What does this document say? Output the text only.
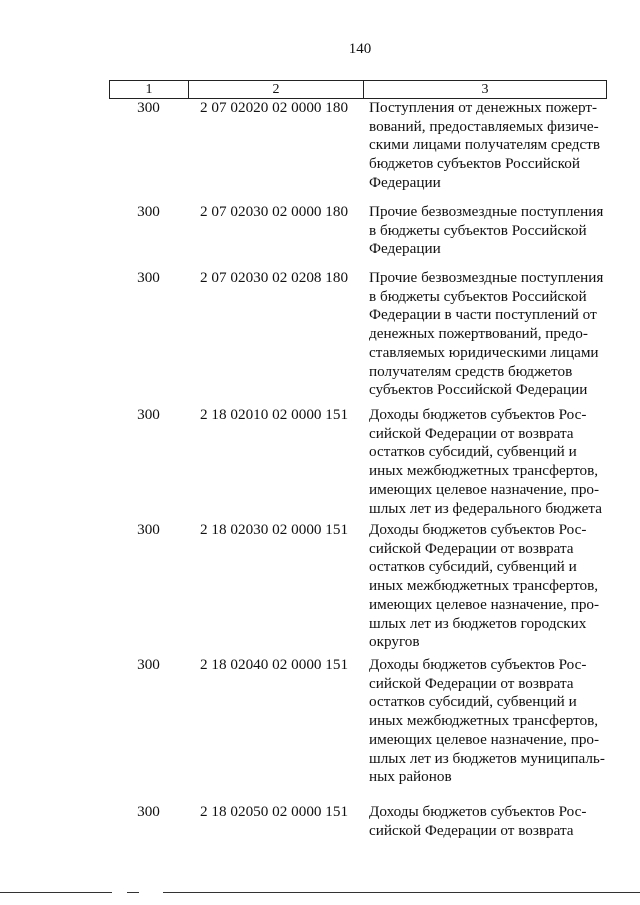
140
1	2	3
300	2 07 02020 02 0000 180	Поступления от денежных пожерт-
вований, предоставляемых физиче-
скими лицами получателям средств
бюджетов субъектов Российской
Федерации
300	2 07 02030 02 0000 180	Прочие безвозмездные поступления
в бюджеты субъектов Российской
Федерации
300	2 07 02030 02 0208 180	Прочие безвозмездные поступления
в бюджеты субъектов Российской
Федерации в части поступлений от
денежных пожертвований, предо-
ставляемых юридическими лицами
получателям средств бюджетов
субъектов Российской Федерации
300	2 18 02010 02 0000 151	Доходы бюджетов субъектов Рос-
сийской Федерации от возврата
остатков субсидий, субвенций и
иных межбюджетных трансфертов,
имеющих целевое назначение, про-
шлых лет из федерального бюджета
300	2 18 02030 02 0000 151	Доходы бюджетов субъектов Рос-
сийской Федерации от возврата
остатков субсидий, субвенций и
иных межбюджетных трансфертов,
имеющих целевое назначение, про-
шлых лет из бюджетов городских
округов
300	2 18 02040 02 0000 151	Доходы бюджетов субъектов Рос-
сийской Федерации от возврата
остатков субсидий, субвенций и
иных межбюджетных трансфертов,
имеющих целевое назначение, про-
шлых лет из бюджетов муниципаль-
ных районов
300	2 18 02050 02 0000 151	Доходы бюджетов субъектов Рос-
сийской Федерации от возврата
